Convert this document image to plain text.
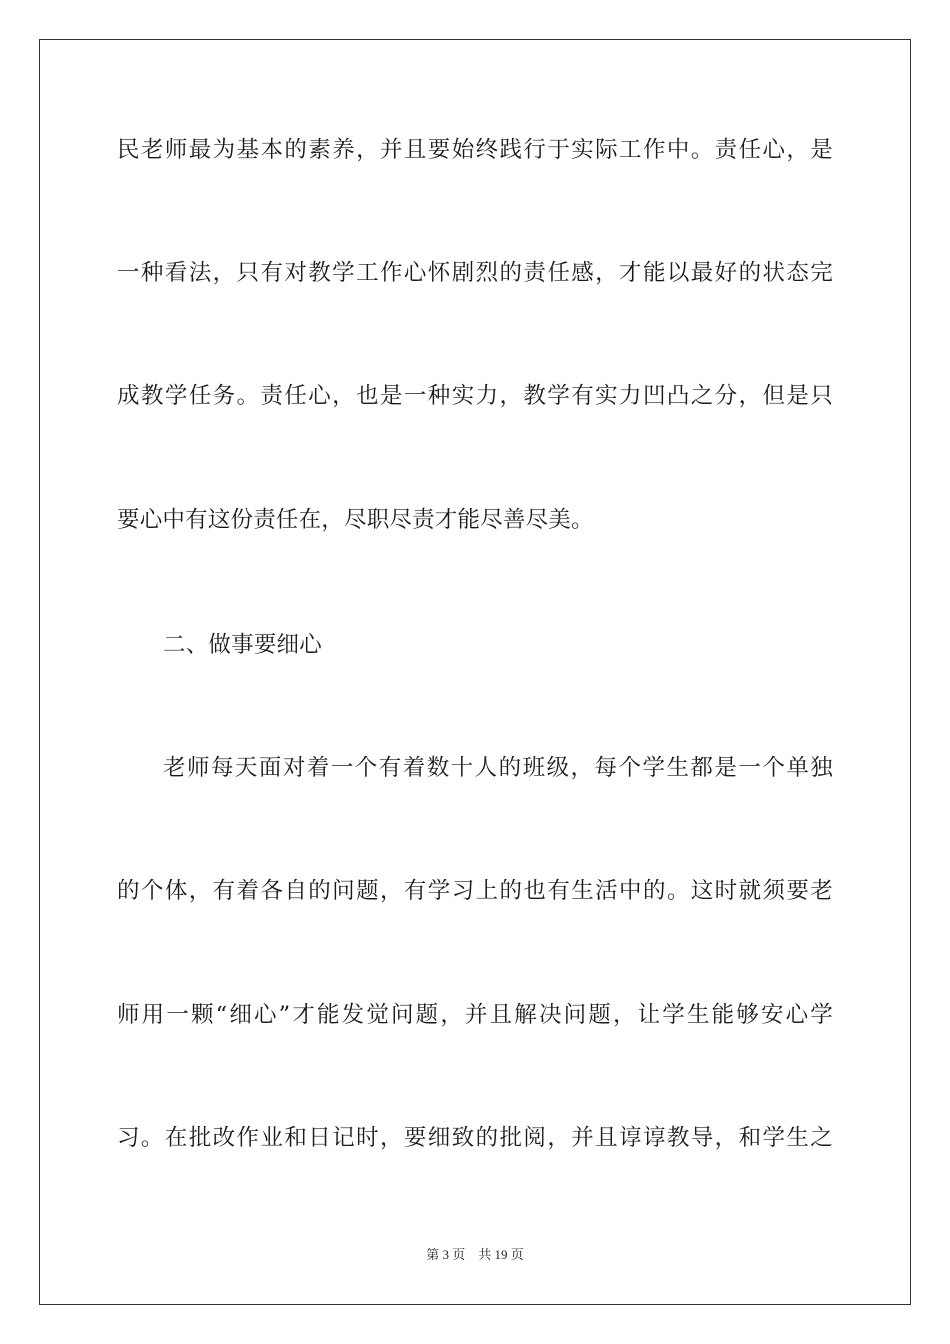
民老师最为基本的素养，并且要始终践行于实际工作中。责任心，是
一种看法，只有对教学工作心怀剧烈的责任感，才能以最好的状态完
成教学任务。责任心，也是一种实力，教学有实力凹凸之分，但是只
要心中有这份责任在，尽职尽责才能尽善尽美。
二、做事要细心
老师每天面对着一个有着数十人的班级，每个学生都是一个单独
的个体，有着各自的问题，有学习上的也有生活中的。这时就须要老
师用一颗“细心”才能发觉问题，并且解决问题，让学生能够安心学
习。在批改作业和日记时，要细致的批阅，并且谆谆教导，和学生之
第 3 页　共 19 页
